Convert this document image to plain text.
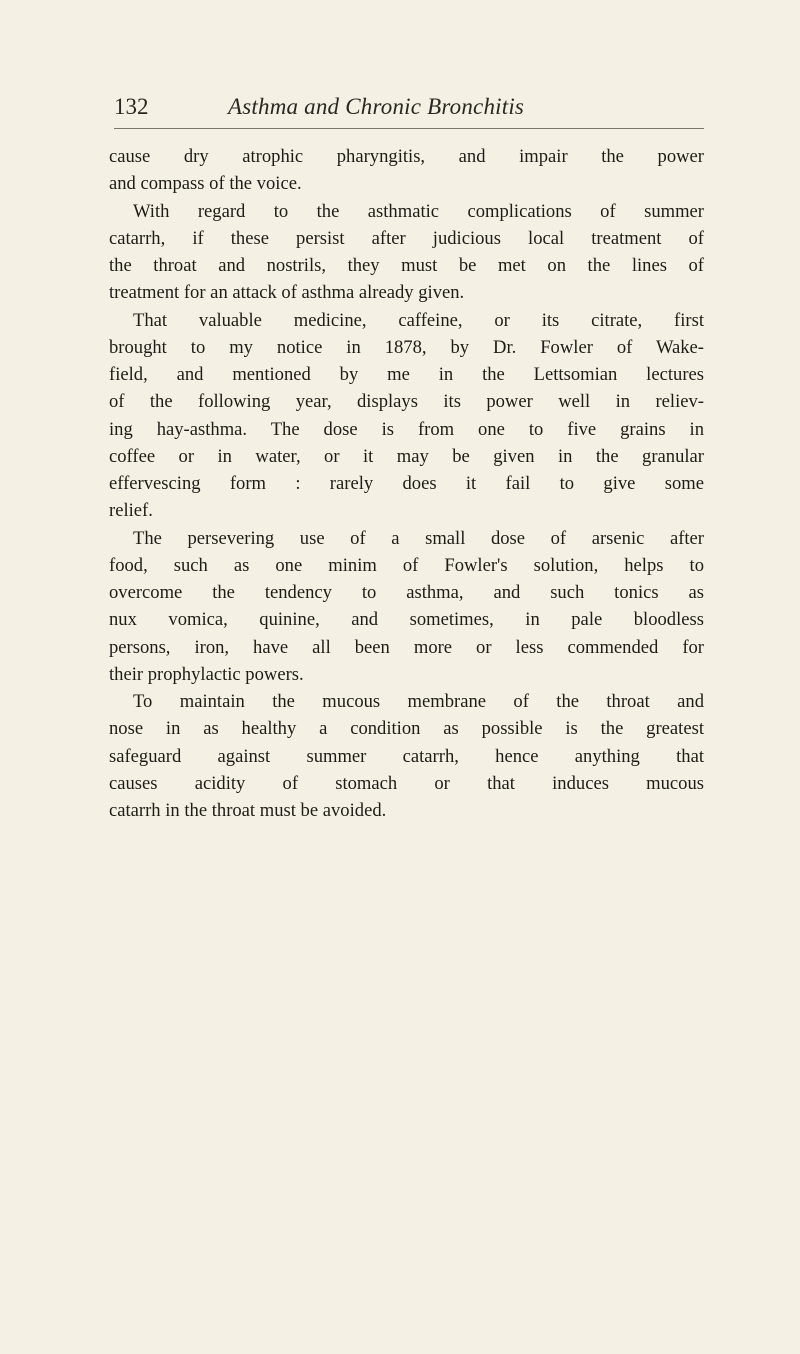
132	Asthma and Chronic Bronchitis
cause dry atrophic pharyngitis, and impair the power
and compass of the voice.
With regard to the asthmatic complications of summer
catarrh, if these persist after judicious local treatment of
the throat and nostrils, they must be met on the lines of
treatment for an attack of asthma already given.
That valuable medicine, caffeine, or its citrate, first
brought to my notice in 1878, by Dr. Fowler of Wake-
field, and mentioned by me in the Lettsomian lectures
of the following year, displays its power well in reliev-
ing hay-asthma. The dose is from one to five grains in
coffee or in water, or it may be given in the granular
effervescing form : rarely does it fail to give some
relief.
The persevering use of a small dose of arsenic after
food, such as one minim of Fowler's solution, helps to
overcome the tendency to asthma, and such tonics as
nux vomica, quinine, and sometimes, in pale bloodless
persons, iron, have all been more or less commended for
their prophylactic powers.
To maintain the mucous membrane of the throat and
nose in as healthy a condition as possible is the greatest
safeguard against summer catarrh, hence anything that
causes acidity of stomach or that induces mucous
catarrh in the throat must be avoided.
